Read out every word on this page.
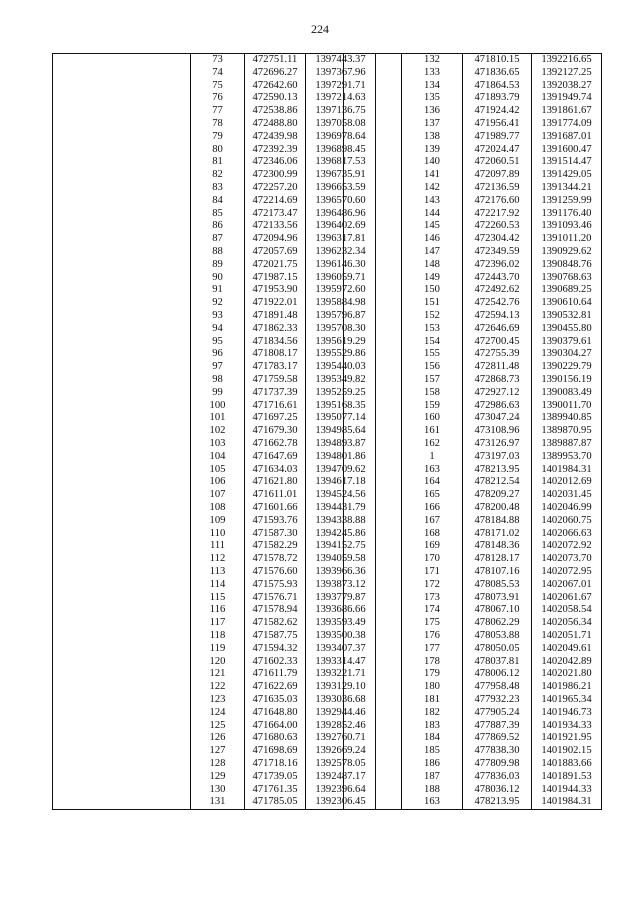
224
	73	472751.11	1397443.37
	74	472696.27	1397367.96
	75	472642.60	1397291.71
	76	472590.13	1397214.63
	77	472538.86	1397136.75
	78	472488.80	1397058.08
	79	472439.98	1396978.64
	80	472392.39	1396898.45
	81	472346.06	1396817.53
	82	472300.99	1396735.91
	83	472257.20	1396653.59
	84	472214.69	1396570.60
	85	472173.47	1396486.96
	86	472133.56	1396402.69
	87	472094.96	1396317.81
	88	472057.69	1396232.34
	89	472021.75	1396146.30
	90	471987.15	1396059.71
	91	471953.90	1395972.60
	92	471922.01	1395884.98
	93	471891.48	1395796.87
	94	471862.33	1395708.30
	95	471834.56	1395619.29
	96	471808.17	1395529.86
	97	471783.17	1395440.03
	98	471759.58	1395349.82
	99	471737.39	1395259.25
	100	471716.61	1395168.35
	101	471697.25	1395077.14
	102	471679.30	1394985.64
	103	471662.78	1394893.87
	104	471647.69	1394801.86
	105	471634.03	1394709.62
	106	471621.80	1394617.18
	107	471611.01	1394524.56
	108	471601.66	1394431.79
	109	471593.76	1394338.88
	110	471587.30	1394245.86
	111	471582.29	1394152.75
	112	471578.72	1394059.58
	113	471576.60	1393966.36
	114	471575.93	1393873.12
	115	471576.71	1393779.87
	116	471578.94	1393686.66
	117	471582.62	1393593.49
	118	471587.75	1393500.38
	119	471594.32	1393407.37
	120	471602.33	1393314.47
	121	471611.79	1393221.71
	122	471622.69	1393129.10
	123	471635.03	1393036.68
	124	471648.80	1392944.46
	125	471664.00	1392852.46
	126	471680.63	1392760.71
	127	471698.69	1392669.24
	128	471718.16	1392578.05
	129	471739.05	1392487.17
	130	471761.35	1392396.64
	131	471785.05	1392306.45
	132	471810.15	1392216.65
	133	471836.65	1392127.25
	134	471864.53	1392038.27
	135	471893.79	1391949.74
	136	471924.42	1391861.67
	137	471956.41	1391774.09
	138	471989.77	1391687.01
	139	472024.47	1391600.47
	140	472060.51	1391514.47
	141	472097.89	1391429.05
	142	472136.59	1391344.21
	143	472176.60	1391259.99
	144	472217.92	1391176.40
	145	472260.53	1391093.46
	146	472304.42	1391011.20
	147	472349.59	1390929.62
	148	472396.02	1390848.76
	149	472443.70	1390768.63
	150	472492.62	1390689.25
	151	472542.76	1390610.64
	152	472594.13	1390532.81
	153	472646.69	1390455.80
	154	472700.45	1390379.61
	155	472755.39	1390304.27
	156	472811.48	1390229.79
	157	472868.73	1390156.19
	158	472927.12	1390083.49
	159	472986.63	1390011.70
	160	473047.24	1389940.85
	161	473108.96	1389870.95
	162	473126.97	1389887.87
	1	473197.03	1389953.70
	163	478213.95	1401984.31
	164	478212.54	1402012.69
	165	478209.27	1402031.45
	166	478200.48	1402046.99
	167	478184.88	1402060.75
	168	478171.02	1402066.63
	169	478148.36	1402072.92
	170	478128.17	1402073.70
	171	478107.16	1402072.95
	172	478085.53	1402067.01
	173	478073.91	1402061.67
	174	478067.10	1402058.54
	175	478062.29	1402056.34
	176	478053.88	1402051.71
	177	478050.05	1402049.61
	178	478037.81	1402042.89
	179	478006.12	1402021.80
	180	477958.48	1401986.21
	181	477932.23	1401965.34
	182	477905.24	1401946.73
	183	477887.39	1401934.33
	184	477869.52	1401921.95
	185	477838.30	1401902.15
	186	477809.98	1401883.66
	187	477836.03	1401891.53
	188	478036.12	1401944.33
	163	478213.95	1401984.31
